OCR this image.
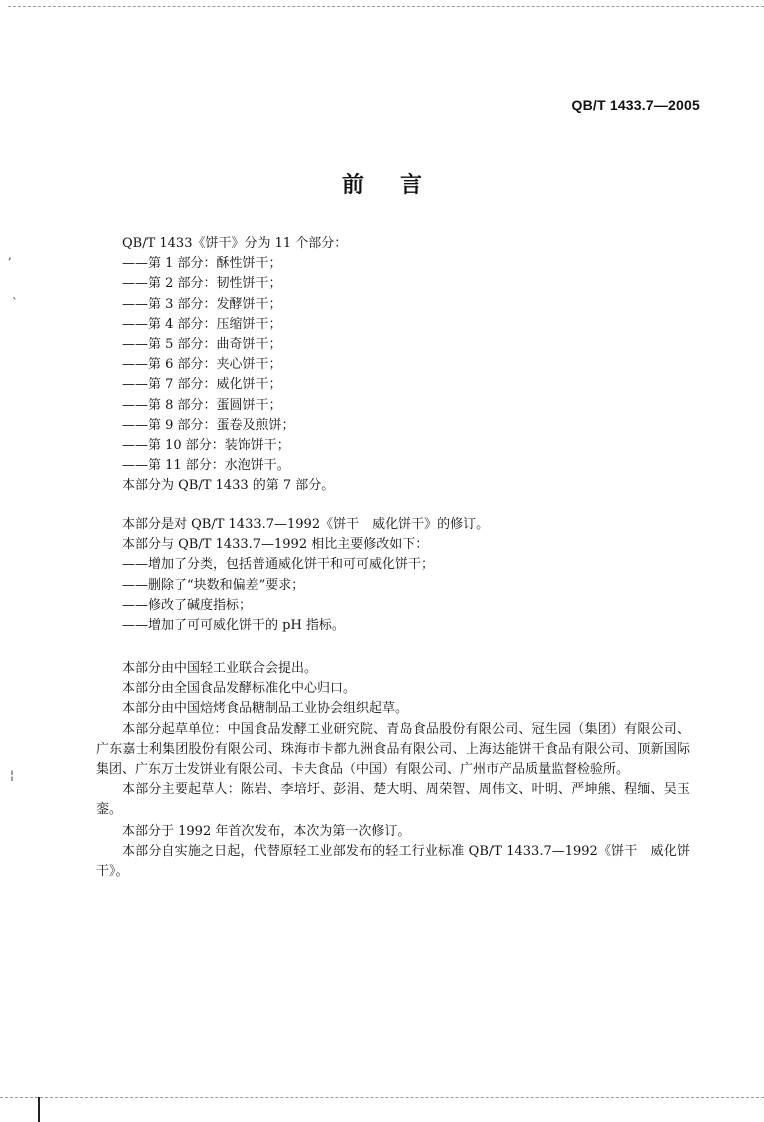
QB/T 1433.7—2005
前 言
QB/T 1433《饼干》分为 11 个部分：
——第 1 部分：酥性饼干；
——第 2 部分：韧性饼干；
——第 3 部分：发酵饼干；
——第 4 部分：压缩饼干；
——第 5 部分：曲奇饼干；
——第 6 部分：夹心饼干；
——第 7 部分：威化饼干；
——第 8 部分：蛋圆饼干；
——第 9 部分：蛋卷及煎饼；
——第 10 部分：装饰饼干；
——第 11 部分：水泡饼干。
本部分为 QB/T 1433 的第 7 部分。
本部分是对 QB/T 1433.7—1992《饼干　威化饼干》的修订。
本部分与 QB/T 1433.7—1992 相比主要修改如下：
——增加了分类，包括普通威化饼干和可可威化饼干；
——删除了“块数和偏差”要求；
——修改了碱度指标；
——增加了可可威化饼干的 pH 指标。
本部分由中国轻工业联合会提出。
本部分由全国食品发酵标准化中心归口。
本部分由中国焙烤食品糖制品工业协会组织起草。
本部分起草单位：中国食品发酵工业研究院、青岛食品股份有限公司、冠生园（集团）有限公司、广东嘉士利集团股份有限公司、珠海市卡都九洲食品有限公司、上海达能饼干食品有限公司、顶新国际集团、广东万士发饼业有限公司、卡夫食品（中国）有限公司、广州市产品质量监督检验所。
本部分主要起草人：陈岩、李培圩、彭涓、楚大明、周荣智、周伟文、叶明、严坤熊、程缅、吴玉銮。
本部分于 1992 年首次发布，本次为第一次修订。
本部分自实施之日起，代替原轻工业部发布的轻工行业标准 QB/T 1433.7—1992《饼干　威化饼干》。
,
`
¦
